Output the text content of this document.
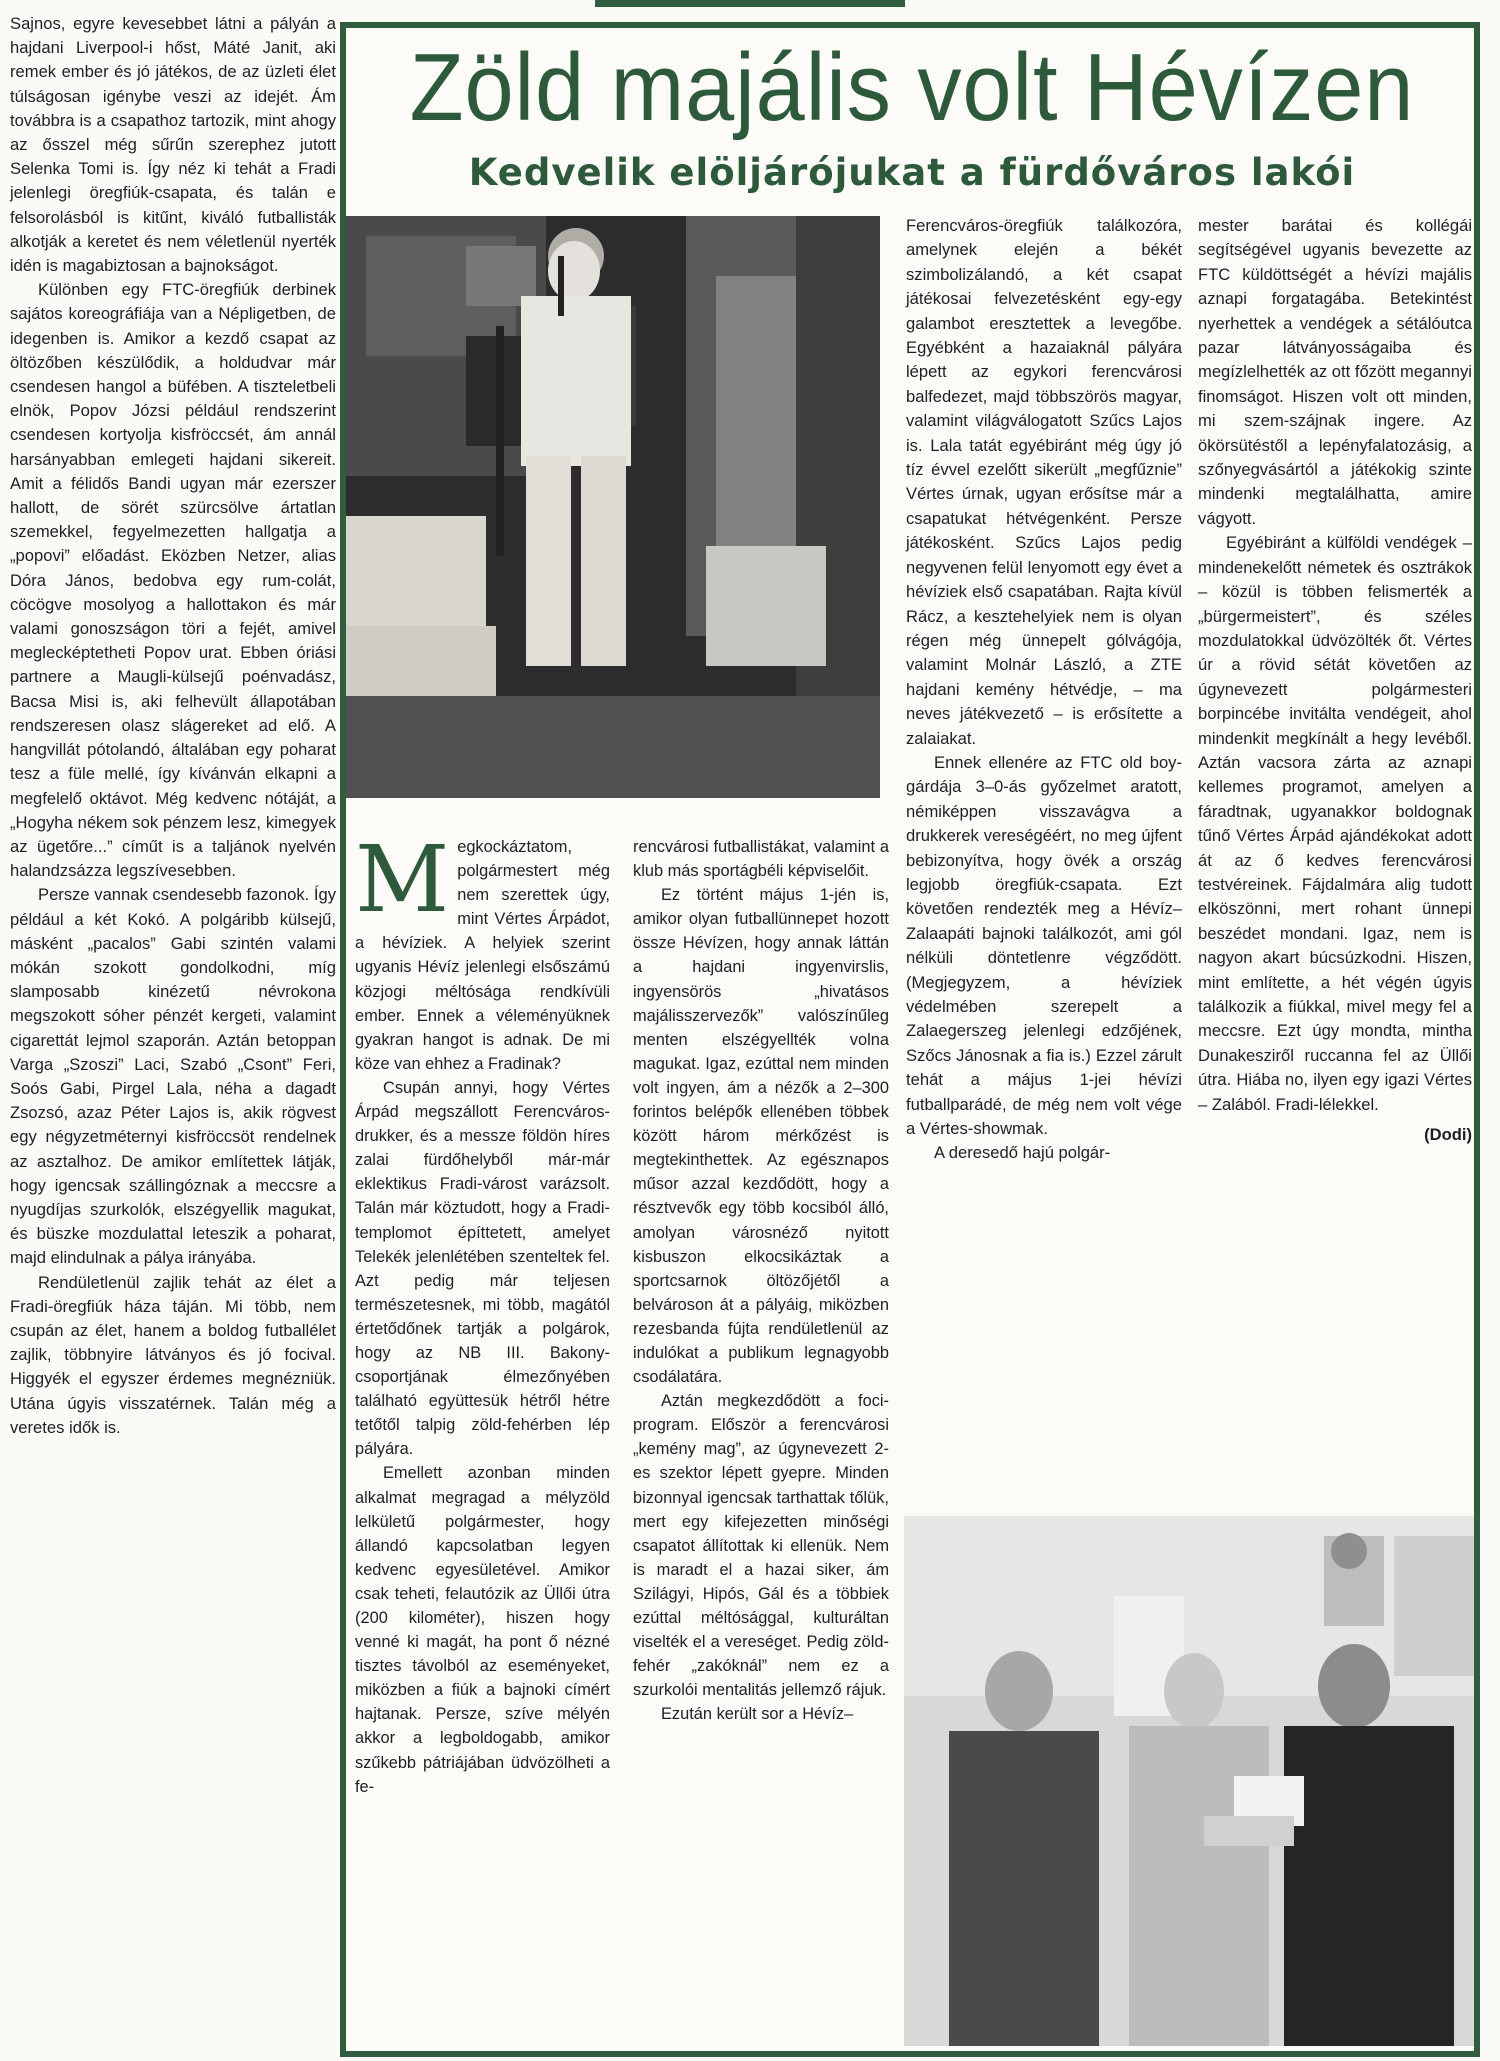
Sajnos, egyre kevesebbet látni a pályán a hajdani Liverpool-i hőst, Máté Janit, aki remek ember és jó játékos, de az üzleti élet túlságosan igénybe veszi az idejét. Ám továbbra is a csapathoz tartozik, mint ahogy az ősszel még sűrűn szerephez jutott Selenka Tomi is. Így néz ki tehát a Fradi jelenlegi öregfiúk-csapata, és talán e felsorolásból is kitűnt, kiváló futballisták alkotják a keretet és nem véletlenül nyerték idén is magabiztosan a bajnokságot.

Különben egy FTC-öregfiúk derbinek sajátos koreográfiája van a Népligetben, de idegenben is. Amikor a kezdő csapat az öltözőben készülődik, a holdudvar már csendesen hangol a büfében. A tiszteletbeli elnök, Popov Józsi például rendszerint csendesen kortyolja kisfröccsét, ám annál harsányabban emlegeti hajdani sikereit. Amit a félidős Bandi ugyan már ezerszer hallott, de sörét szürcsölve ártatlan szemekkel, fegyelmezetten hallgatja a „popovi” előadást. Eközben Netzer, alias Dóra János, bedobva egy rum-colát, cöcögve mosolyog a hallottakon és már valami gonoszságon töri a fejét, amivel meglecképtetheti Popov urat. Ebben óriási partnere a Maugli-külsejű poénvadász, Bacsa Misi is, aki felhevült állapotában rendszeresen olasz slágereket ad elő. A hangvillát pótolandó, általában egy poharat tesz a füle mellé, így kívánván elkapni a megfelelő oktávot. Még kedvenc nótáját, a „Hogyha nékem sok pénzem lesz, kimegyek az ügetőre...” címűt is a taljánok nyelvén halandzsázza legszívesebben.

Persze vannak csendesebb fazonok. Így például a két Kokó. A polgáribb külsejű, másként „pacalos” Gabi szintén valami mókán szokott gondolkodni, míg slamposabb kinézetű névrokona megszokott sóher pénzét kergeti, valamint cigarettát lejmol szaporán. Aztán betoppan Varga „Szoszi” Laci, Szabó „Csont” Feri, Soós Gabi, Pirgel Lala, néha a dagadt Zsozsó, azaz Péter Lajos is, akik rögvest egy négyzetméternyi kisfröccsöt rendelnek az asztalhoz. De amikor említettek látják, hogy igencsak szállingóznak a meccsre a nyugdíjas szurkolók, elszégyellik magukat, és büszke mozdulattal leteszik a poharat, majd elindulnak a pálya irányába.

Rendületlenül zajlik tehát az élet a Fradi-öregfiúk háza táján. Mi több, nem csupán az élet, hanem a boldog futballélet zajlik, többnyire látványos és jó focival. Higgyék el egyszer érdemes megnézniük. Utána úgyis visszatérnek. Talán még a veretes idők is.

Zöld majális volt Hévízen
Kedvelik elöljárójukat a fürdőváros lakói

Megkockáztatom, polgármestert még nem szerettek úgy, mint Vértes Árpádot, a hévíziek. A helyiek szerint ugyanis Hévíz jelenlegi elsőszámú közjogi méltósága rendkívüli ember. Ennek a véleményüknek gyakran hangot is adnak. De mi köze van ehhez a Fradinak?

Csupán annyi, hogy Vértes Árpád megszállott Ferencváros-drukker, és a messze földön híres zalai fürdőhelyből már-már eklektikus Fradi-várost varázsolt. Talán már köztudott, hogy a Fradi-templomot építtetett, amelyet Telekék jelenlétében szenteltek fel. Azt pedig már teljesen természetesnek, mi több, magától értetődőnek tartják a polgárok, hogy az NB III. Bakony-csoportjának élmezőnyében található együttesük hétről hétre tetőtől talpig zöld-fehérben lép pályára.

Emellett azonban minden alkalmat megragad a mélyzöld lelkületű polgármester, hogy állandó kapcsolatban legyen kedvenc egyesületével. Amikor csak teheti, felautózik az Üllői útra (200 kilométer), hiszen hogy venné ki magát, ha pont ő nézné tisztes távolból az eseményeket, miközben a fiúk a bajnoki címért hajtanak. Persze, szíve mélyén akkor a legboldogabb, amikor szűkebb pátriájában üdvözölheti a fe-

rencvárosi futballistákat, valamint a klub más sportágbéli képviselőit.

Ez történt május 1-jén is, amikor olyan futballünnepet hozott össze Hévízen, hogy annak láttán a hajdani ingyenvirslis, ingyensörös „hivatásos majálisszervezők” valószínűleg menten elszégyellték volna magukat. Igaz, ezúttal nem minden volt ingyen, ám a nézők a 2–300 forintos belépők ellenében többek között három mérkőzést is megtekinthettek. Az egésznapos műsor azzal kezdődött, hogy a résztvevők egy több kocsiból álló, amolyan városnéző nyitott kisbuszon elkocsikáztak a sportcsarnok öltözőjétől a belvároson át a pályáig, miközben rezesbanda fújta rendületlenül az indulókat a publikum legnagyobb csodálatára.

Aztán megkezdődött a foci-program. Először a ferencvárosi „kemény mag”, az úgynevezett 2-es szektor lépett gyepre. Minden bizonnyal igencsak tarthattak tőlük, mert egy kifejezetten minőségi csapatot állítottak ki ellenük. Nem is maradt el a hazai siker, ám Szilágyi, Hipós, Gál és a többiek ezúttal méltósággal, kulturáltan viselték el a vereséget. Pedig zöld-fehér „zakóknál” nem ez a szurkolói mentalitás jellemző rájuk.

Ezután került sor a Hévíz–

Ferencváros-öregfiúk találkozóra, amelynek elején a békét szimbolizálandó, a két csapat játékosai felvezetésként egy-egy galambot eresztettek a levegőbe. Egyébként a hazaiaknál pályára lépett az egykori ferencvárosi balfedezet, majd többszörös magyar, valamint világválogatott Szűcs Lajos is. Lala tatát egyébiránt még úgy jó tíz évvel ezelőtt sikerült „megfűznie” Vértes úrnak, ugyan erősítse már a csapatukat hétvégenként. Persze játékosként. Szűcs Lajos pedig negyvenen felül lenyomott egy évet a hévíziek első csapatában. Rajta kívül Rácz, a kesztehelyiek nem is olyan régen még ünnepelt gólvágója, valamint Molnár László, a ZTE hajdani kemény hétvédje, – ma neves játékvezető – is erősítette a zalaiakat.

Ennek ellenére az FTC old boy-gárdája 3–0-ás győzelmet aratott, némiképpen visszavágva a drukkerek vereségéért, no meg újfent bebizonyítva, hogy övék a ország legjobb öregfiúk-csapata. Ezt követően rendezték meg a Hévíz–Zalaapáti bajnoki találkozót, ami gól nélküli döntetlenre végződött. (Megjegyzem, a hévíziek védelmében szerepelt a Zalaegerszeg jelenlegi edzőjének, Szőcs Jánosnak a fia is.) Ezzel zárult tehát a május 1-jei hévízi futballparádé, de még nem volt vége a Vértes-showmak.

A deresedő hajú polgár-

mester barátai és kollégái segítségével ugyanis bevezette az FTC küldöttségét a hévízi majális aznapi forgatagába. Betekintést nyerhettek a vendégek a sétálóutca pazar látványosságaiba és megízlelhették az ott főzött megannyi finomságot. Hiszen volt ott minden, mi szem-szájnak ingere. Az ökörsütéstől a lepényfalatozásig, a szőnyegvásártól a játékokig szinte mindenki megtalálhatta, amire vágyott.

Egyébiránt a külföldi vendégek – mindenekelőtt németek és osztrákok – közül is többen felismerték a „bürgermeistert”, és széles mozdulatokkal üdvözölték őt. Vértes úr a rövid sétát követően az úgynevezett polgármesteri borpincébe invitálta vendégeit, ahol mindenkit megkínált a hegy levéből. Aztán vacsora zárta az aznapi kellemes programot, amelyen a fáradtnak, ugyanakkor boldognak tűnő Vértes Árpád ajándékokat adott át az ő kedves ferencvárosi testvéreinek. Fájdalmára alig tudott elköszönni, mert rohant ünnepi beszédet mondani. Igaz, nem is nagyon akart búcsúzkodni. Hiszen, mint említette, a hét végén úgyis találkozik a fiúkkal, mivel megy fel a meccsre. Ezt úgy mondta, mintha Dunakesziről ruccanna fel az Üllői útra. Hiába no, ilyen egy igazi Vértes – Zalából. Fradi-lélekkel.

(Dodi)
